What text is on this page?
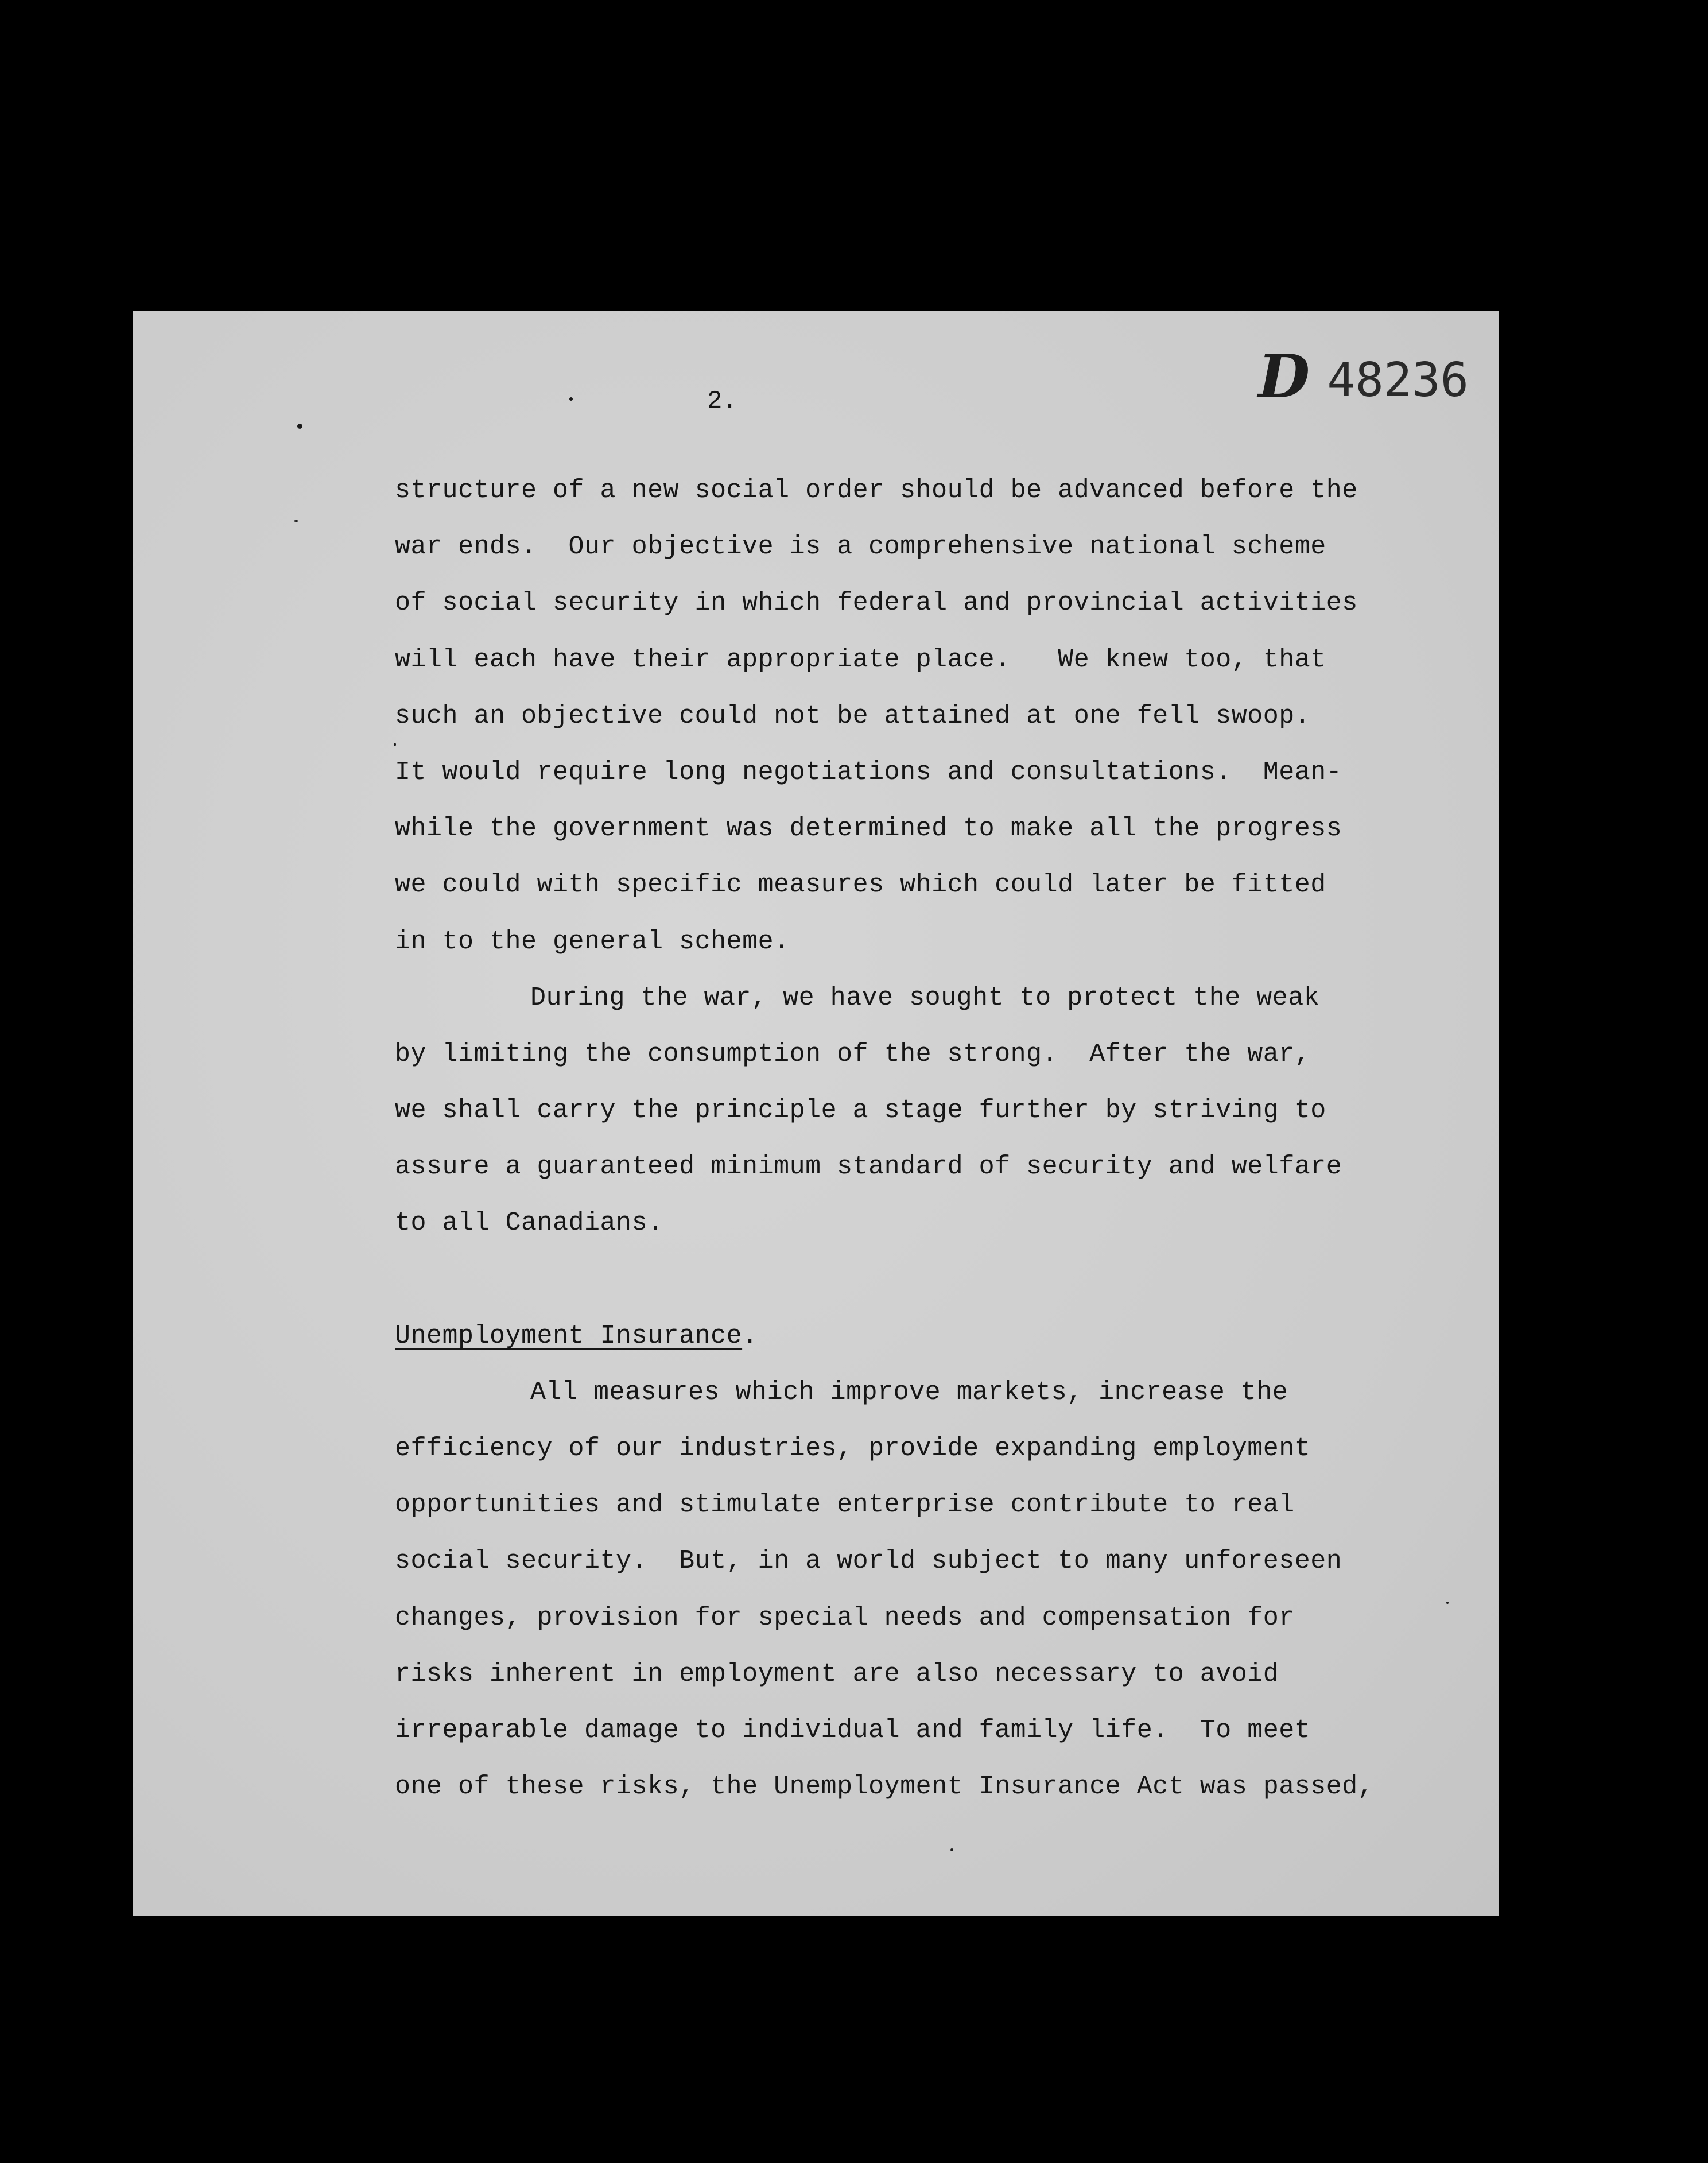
D 48236
2.
structure of a new social order should be advanced before the
war ends.  Our objective is a comprehensive national scheme
of social security in which federal and provincial activities
will each have their appropriate place.   We knew too, that
such an objective could not be attained at one fell swoop.
It would require long negotiations and consultations.  Mean-
while the government was determined to make all the progress
we could with specific measures which could later be fitted
in to the general scheme.
During the war, we have sought to protect the weak
by limiting the consumption of the strong.  After the war,
we shall carry the principle a stage further by striving to
assure a guaranteed minimum standard of security and welfare
to all Canadians.
Unemployment Insurance.
All measures which improve markets, increase the
efficiency of our industries, provide expanding employment
opportunities and stimulate enterprise contribute to real
social security.  But, in a world subject to many unforeseen
changes, provision for special needs and compensation for
risks inherent in employment are also necessary to avoid
irreparable damage to individual and family life.  To meet
one of these risks, the Unemployment Insurance Act was passed,
